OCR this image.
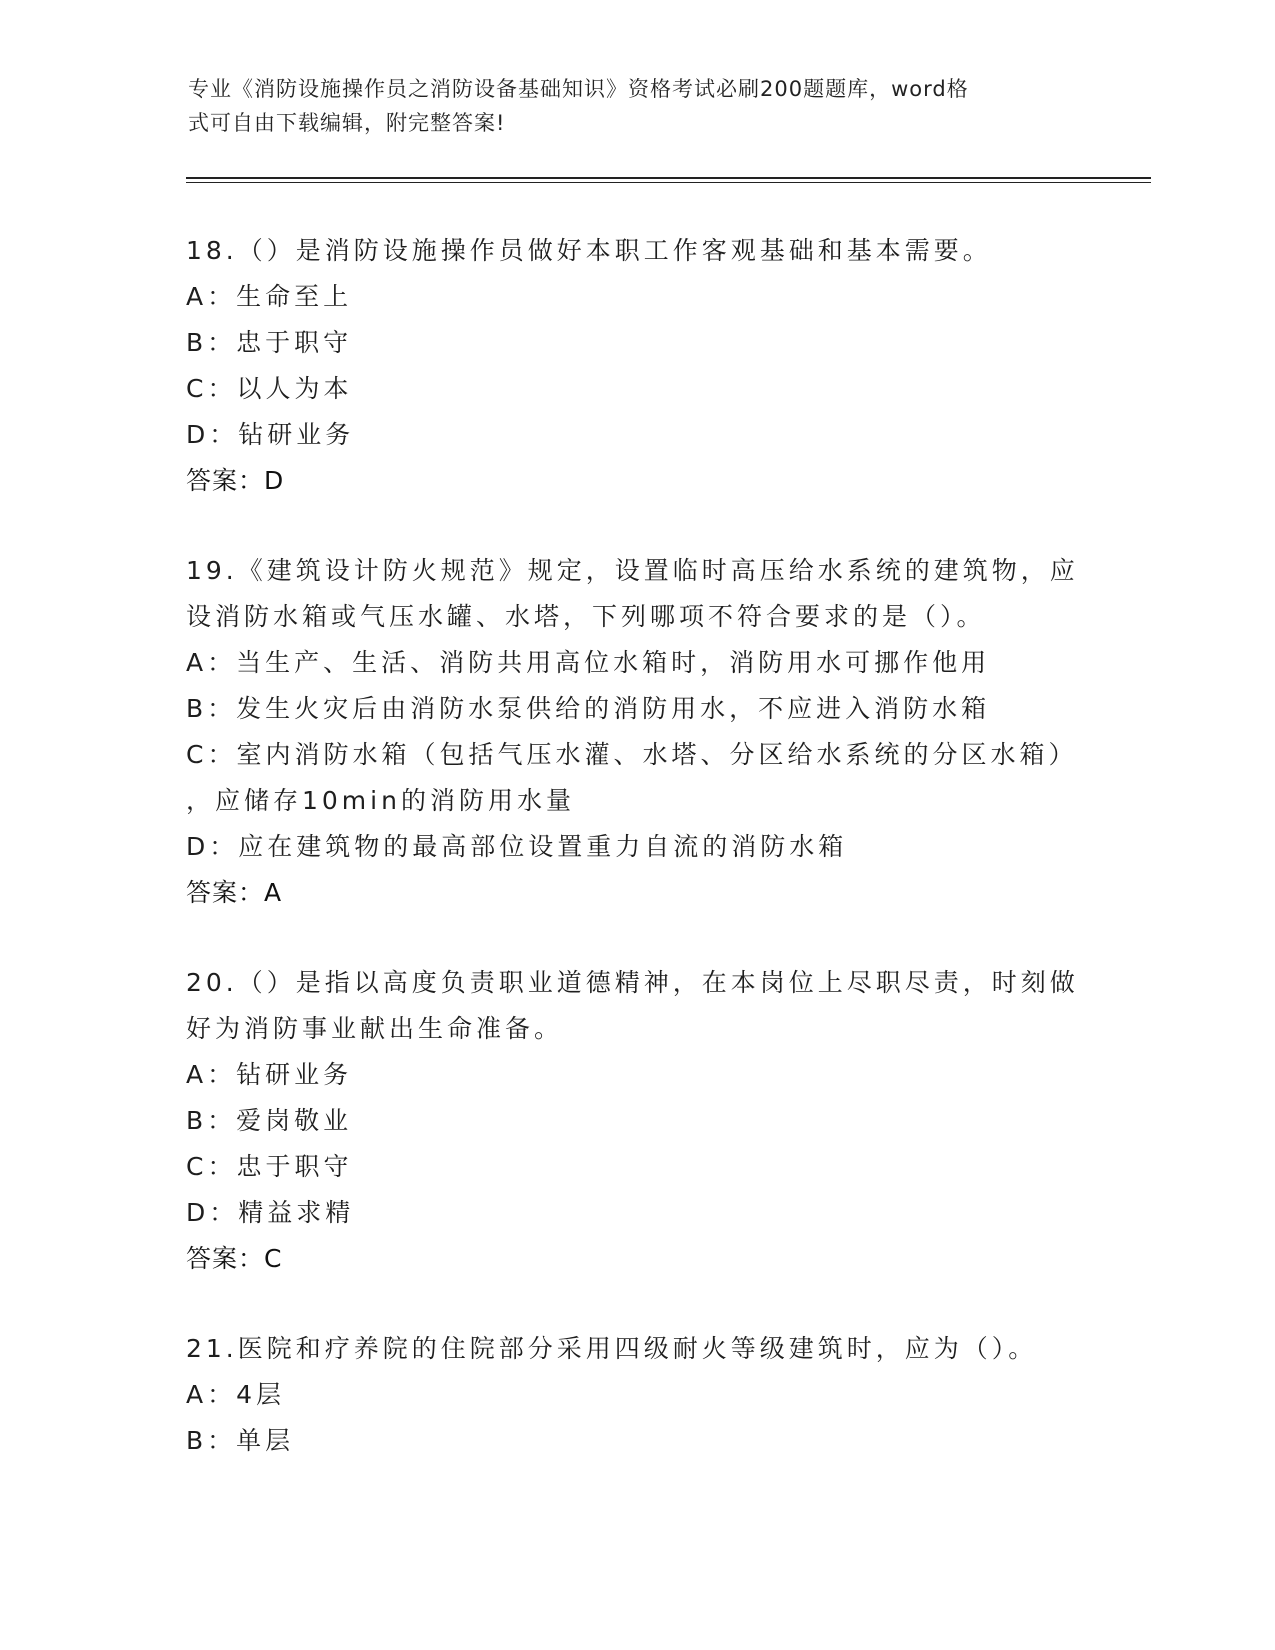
专业《消防设施操作员之消防设备基础知识》资格考试必刷200题题库，word格
式可自由下载编辑，附完整答案!
18.（）是消防设施操作员做好本职工作客观基础和基本需要。
A：生命至上
B：忠于职守
C：以人为本
D：钻研业务
答案：D
19.《建筑设计防火规范》规定，设置临时高压给水系统的建筑物，应
设消防水箱或气压水罐、水塔，下列哪项不符合要求的是（）。
A：当生产、生活、消防共用高位水箱时，消防用水可挪作他用
B：发生火灾后由消防水泵供给的消防用水，不应进入消防水箱
C：室内消防水箱（包括气压水灌、水塔、分区给水系统的分区水箱）
，应储存10min的消防用水量
D：应在建筑物的最高部位设置重力自流的消防水箱
答案：A
20.（）是指以高度负责职业道德精神，在本岗位上尽职尽责，时刻做
好为消防事业献出生命准备。
A：钻研业务
B：爱岗敬业
C：忠于职守
D：精益求精
答案：C
21.医院和疗养院的住院部分采用四级耐火等级建筑时，应为（）。
A：4层
B：单层
